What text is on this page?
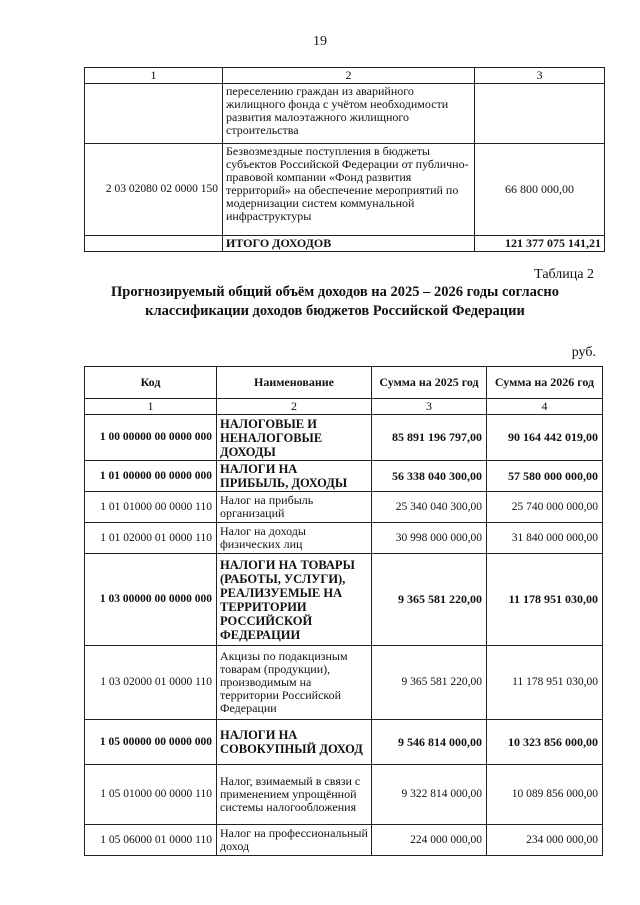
19
1	2	3
	переселению граждан из аварийного жилищного фонда с учётом необходимости развития малоэтажного жилищного строительства	
2 03 02080 02 0000 150	Безвозмездные поступления в бюджеты субъектов Российской Федерации от публично-правовой компании «Фонд развития территорий» на обеспечение мероприятий по модернизации систем коммунальной инфраструктуры	66 800 000,00
	ИТОГО ДОХОДОВ	121 377 075 141,21
Таблица 2
Прогнозируемый общий объём доходов на 2025 – 2026 годы согласно
классификации доходов бюджетов Российской Федерации
руб.
Код	Наименование	Сумма на 2025 год	Сумма на 2026 год
1	2	3	4
1 00 00000 00 0000 000	НАЛОГОВЫЕ И НЕНАЛОГОВЫЕ ДОХОДЫ	85 891 196 797,00	90 164 442 019,00
1 01 00000 00 0000 000	НАЛОГИ НА ПРИБЫЛЬ, ДОХОДЫ	56 338 040 300,00	57 580 000 000,00
1 01 01000 00 0000 110	Налог на прибыль организаций	25 340 040 300,00	25 740 000 000,00
1 01 02000 01 0000 110	Налог на доходы физических лиц	30 998 000 000,00	31 840 000 000,00
1 03 00000 00 0000 000	НАЛОГИ НА ТОВАРЫ (РАБОТЫ, УСЛУГИ), РЕАЛИЗУЕМЫЕ НА ТЕРРИТОРИИ РОССИЙСКОЙ ФЕДЕРАЦИИ	9 365 581 220,00	11 178 951 030,00
1 03 02000 01 0000 110	Акцизы по подакцизным товарам (продукции), производимым на территории Российской Федерации	9 365 581 220,00	11 178 951 030,00
1 05 00000 00 0000 000	НАЛОГИ НА СОВОКУПНЫЙ ДОХОД	9 546 814 000,00	10 323 856 000,00
1 05 01000 00 0000 110	Налог, взимаемый в связи с применением упрощённой системы налогообложения	9 322 814 000,00	10 089 856 000,00
1 05 06000 01 0000 110	Налог на профессиональный доход	224 000 000,00	234 000 000,00
